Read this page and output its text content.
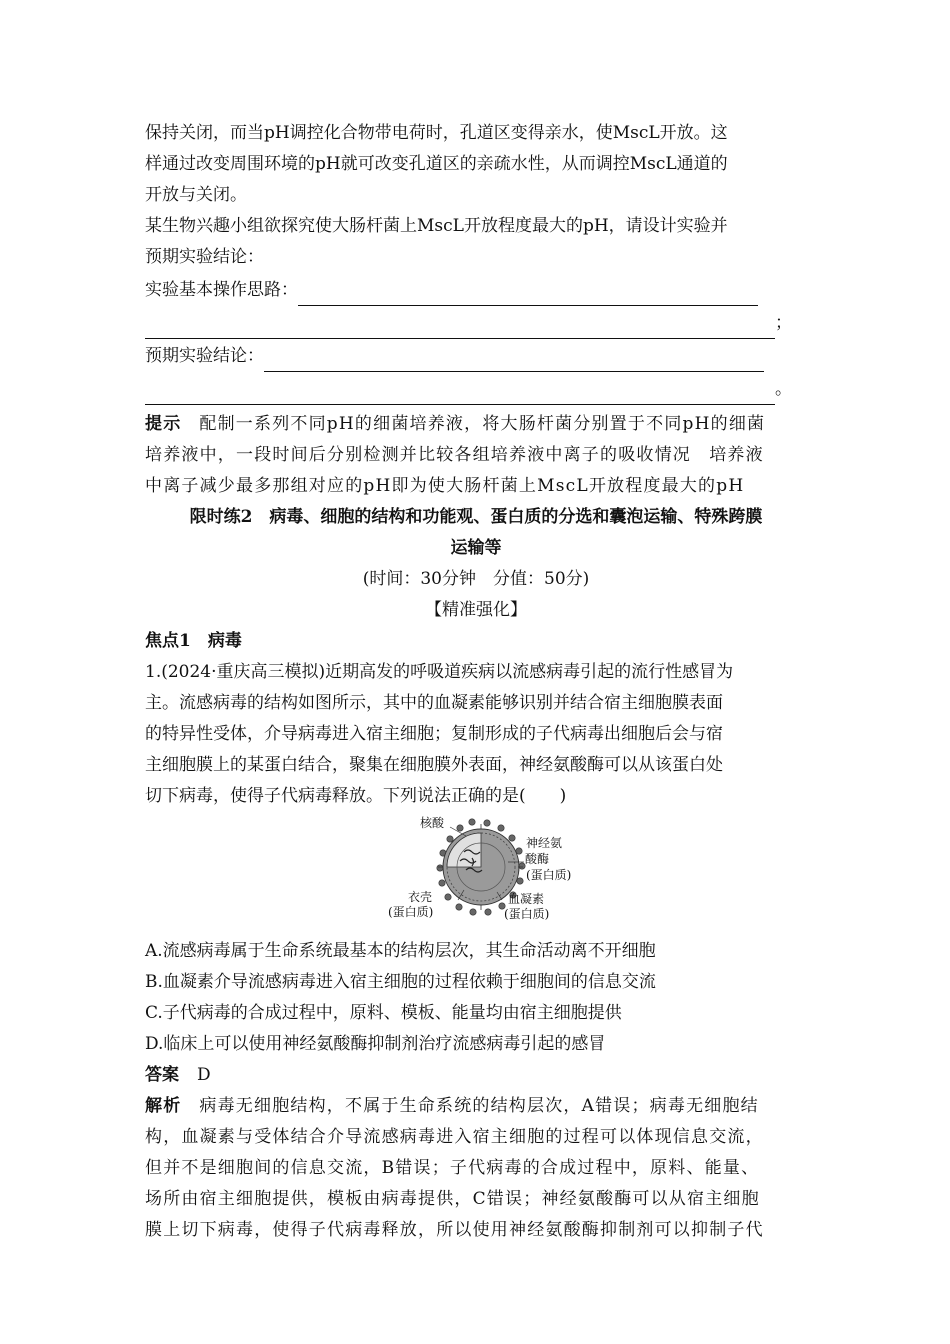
保持关闭，而当pH调控化合物带电荷时，孔道区变得亲水，使MscL开放。这

样通过改变周围环境的pH就可改变孔道区的亲疏水性，从而调控MscL通道的

开放与关闭。

某生物兴趣小组欲探究使大肠杆菌上MscL开放程度最大的pH，请设计实验并

预期实验结论：

实验基本操作思路：
；
预期实验结论：
。

提示 配制一系列不同pH的细菌培养液，将大肠杆菌分别置于不同pH的细菌

培养液中，一段时间后分别检测并比较各组培养液中离子的吸收情况　培养液

中离子减少最多那组对应的pH即为使大肠杆菌上MscL开放程度最大的pH

限时练2　病毒、细胞的结构和功能观、蛋白质的分选和囊泡运输、特殊跨膜

运输等

(时间：30分钟　分值：50分)

【精准强化】

焦点1　病毒

1.(2024·重庆高三模拟)近期高发的呼吸道疾病以流感病毒引起的流行性感冒为

主。流感病毒的结构如图所示，其中的血凝素能够识别并结合宿主细胞膜表面

的特异性受体，介导病毒进入宿主细胞；复制形成的子代病毒出细胞后会与宿

主细胞膜上的某蛋白结合，聚集在细胞膜外表面，神经氨酸酶可以从该蛋白处

切下病毒，使得子代病毒释放。下列说法正确的是(　　)

核酸
神经氨
酸酶
(蛋白质)
衣壳
(蛋白质)
血凝素
(蛋白质)

A.流感病毒属于生命系统最基本的结构层次，其生命活动离不开细胞

B.血凝素介导流感病毒进入宿主细胞的过程依赖于细胞间的信息交流

C.子代病毒的合成过程中，原料、模板、能量均由宿主细胞提供

D.临床上可以使用神经氨酸酶抑制剂治疗流感病毒引起的感冒

答案 D

解析 病毒无细胞结构，不属于生命系统的结构层次，A错误；病毒无细胞结

构，血凝素与受体结合介导流感病毒进入宿主细胞的过程可以体现信息交流，

但并不是细胞间的信息交流，B错误；子代病毒的合成过程中，原料、能量、

场所由宿主细胞提供，模板由病毒提供，C错误；神经氨酸酶可以从宿主细胞

膜上切下病毒，使得子代病毒释放，所以使用神经氨酸酶抑制剂可以抑制子代
